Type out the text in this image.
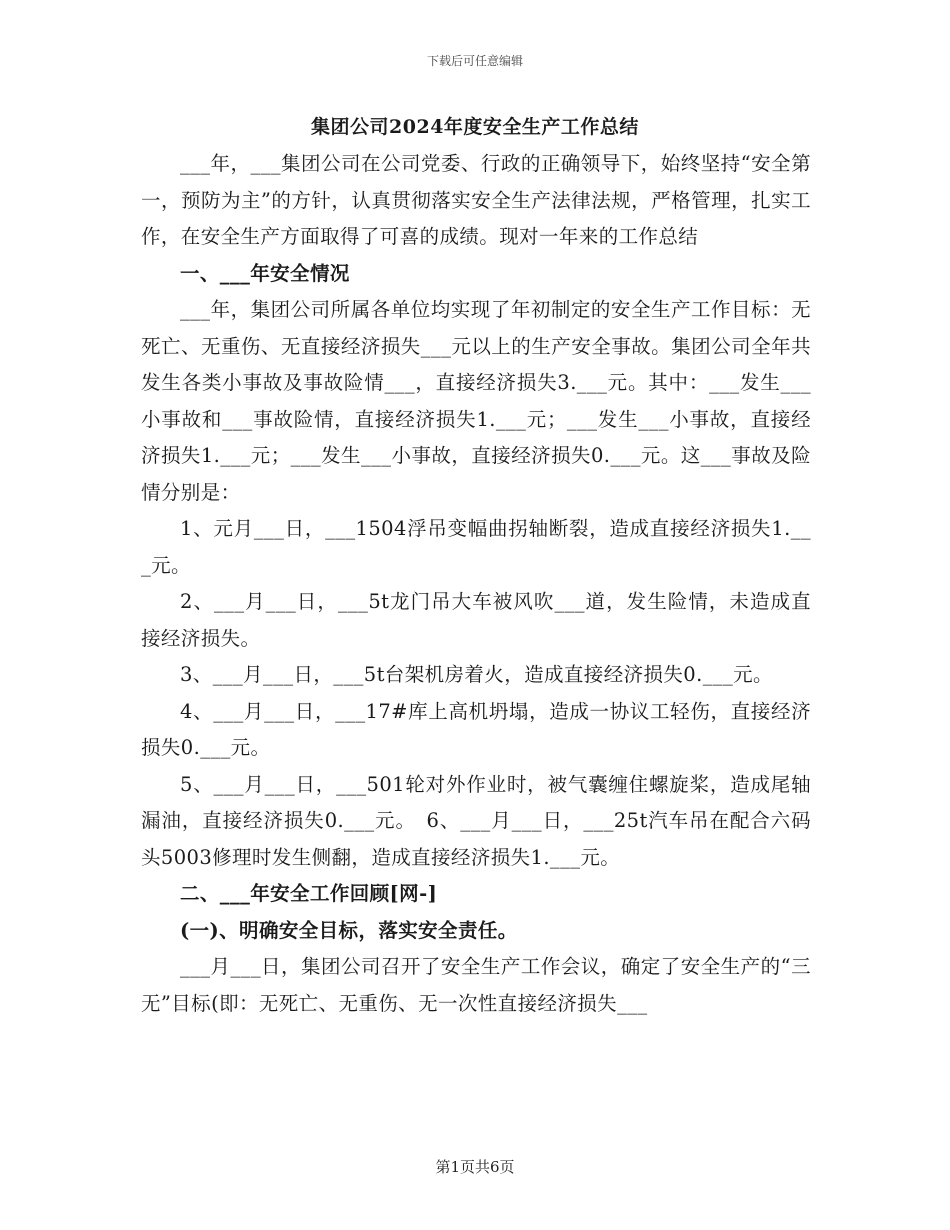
下载后可任意编辑
集团公司2024年度安全生产工作总结

___年，___集团公司在公司党委、行政的正确领导下，始终坚持“安全第一，预防为主”的方针，认真贯彻落实安全生产法律法规，严格管理，扎实工作，在安全生产方面取得了可喜的成绩。现对一年来的工作总结

一、___年安全情况

___年，集团公司所属各单位均实现了年初制定的安全生产工作目标：无死亡、无重伤、无直接经济损失___元以上的生产安全事故。集团公司全年共发生各类小事故及事故险情___，直接经济损失3.___元。其中：___发生___小事故和___事故险情，直接经济损失1.___元；___发生___小事故，直接经济损失1.___元；___发生___小事故，直接经济损失0.___元。这___事故及险情分别是：

1、元月___日，___1504浮吊变幅曲拐轴断裂，造成直接经济损失1.___元。

2、___月___日，___5t龙门吊大车被风吹___道，发生险情，未造成直接经济损失。

3、___月___日，___5t台架机房着火，造成直接经济损失0.___元。

4、___月___日，___17#库上高机坍塌，造成一协议工轻伤，直接经济损失0.___元。

5、___月___日，___501轮对外作业时，被气囊缠住螺旋桨，造成尾轴漏油，直接经济损失0.___元。　6、___月___日，___25t汽车吊在配合六码头5003修理时发生侧翻，造成直接经济损失1.___元。

二、___年安全工作回顾[网-]

(一)、明确安全目标，落实安全责任。

___月___日，集团公司召开了安全生产工作会议，确定了安全生产的“三无”目标(即：无死亡、无重伤、无一次性直接经济损失___

第1页共6页
